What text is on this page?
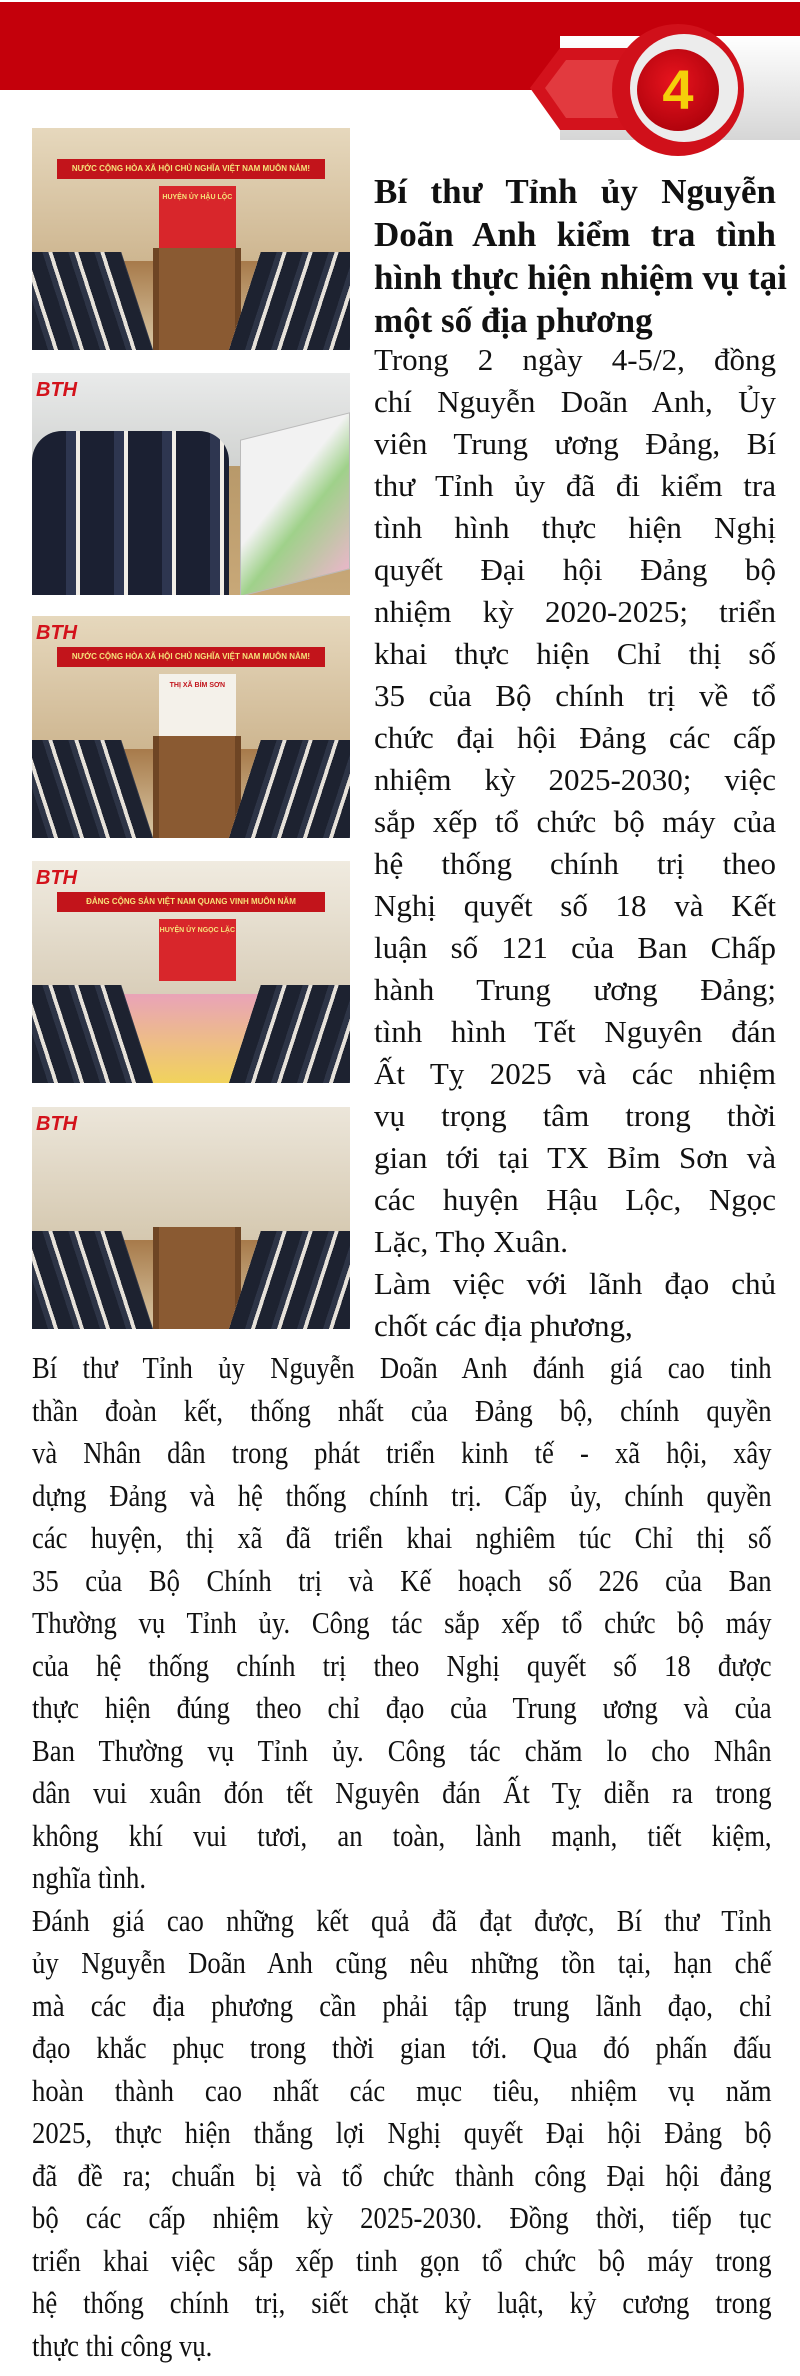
4
NƯỚC CỘNG HÒA XÃ HỘI CHỦ NGHĨA VIỆT NAM MUÔN NĂM!
HUYỆN ỦY HẬU LỘC
BTH
NƯỚC CỘNG HÒA XÃ HỘI CHỦ NGHĨA VIỆT NAM MUÔN NĂM!
THỊ XÃ BỈM SƠN
BTH
ĐẢNG CỘNG SẢN VIỆT NAM QUANG VINH MUÔN NĂM
HUYỆN ỦY NGỌC LẶC
BTH
BTH
Bí thư Tỉnh ủy Nguyễn
Doãn Anh kiểm tra tình
hình thực hiện nhiệm vụ tại
một số địa phương
Trong 2 ngày 4-5/2, đồng
chí Nguyễn Doãn Anh, Ủy
viên Trung ương Đảng, Bí
thư Tỉnh ủy đã đi kiểm tra
tình hình thực hiện Nghị
quyết Đại hội Đảng bộ
nhiệm kỳ 2020-2025; triển
khai thực hiện Chỉ thị số
35 của Bộ chính trị về tổ
chức đại hội Đảng các cấp
nhiệm kỳ 2025-2030; việc
sắp xếp tổ chức bộ máy của
hệ thống chính trị theo
Nghị quyết số 18 và Kết
luận số 121 của Ban Chấp
hành Trung ương Đảng;
tình hình Tết Nguyên đán
Ất Tỵ 2025 và các nhiệm
vụ trọng tâm trong thời
gian tới tại TX Bỉm Sơn và
các huyện Hậu Lộc, Ngọc
Lặc, Thọ Xuân.
Làm việc với lãnh đạo chủ
chốt các địa phương,
Bí thư Tỉnh ủy Nguyễn Doãn Anh đánh giá cao tinh
thần đoàn kết, thống nhất của Đảng bộ, chính quyền
và Nhân dân trong phát triển kinh tế - xã hội, xây
dựng Đảng và hệ thống chính trị. Cấp ủy, chính quyền
các huyện, thị xã đã triển khai nghiêm túc Chỉ thị số
35 của Bộ Chính trị và Kế hoạch số 226 của Ban
Thường vụ Tỉnh ủy. Công tác sắp xếp tổ chức bộ máy
của hệ thống chính trị theo Nghị quyết số 18 được
thực hiện đúng theo chỉ đạo của Trung ương và của
Ban Thường vụ Tỉnh ủy. Công tác chăm lo cho Nhân
dân vui xuân đón tết Nguyên đán Ất Tỵ diễn ra trong
không khí vui tươi, an toàn, lành mạnh, tiết kiệm,
nghĩa tình.
Đánh giá cao những kết quả đã đạt được, Bí thư Tỉnh
ủy Nguyễn Doãn Anh cũng nêu những tồn tại, hạn chế
mà các địa phương cần phải tập trung lãnh đạo, chỉ
đạo khắc phục trong thời gian tới. Qua đó phấn đấu
hoàn thành cao nhất các mục tiêu, nhiệm vụ năm
2025, thực hiện thắng lợi Nghị quyết Đại hội Đảng bộ
đã đề ra; chuẩn bị và tổ chức thành công Đại hội đảng
bộ các cấp nhiệm kỳ 2025-2030. Đồng thời, tiếp tục
triển khai việc sắp xếp tinh gọn tổ chức bộ máy trong
hệ thống chính trị, siết chặt kỷ luật, kỷ cương trong
thực thi công vụ.
